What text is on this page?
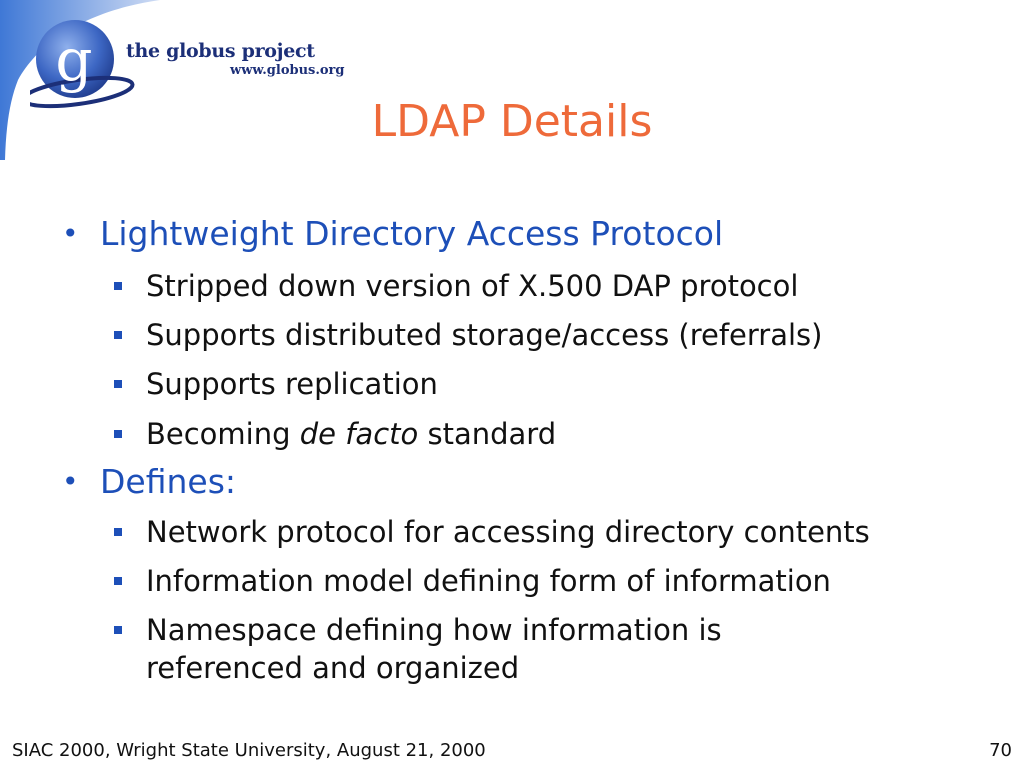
g the globus project
www.globus.org
LDAP Details
• Lightweight Directory Access Protocol
Stripped down version of X.500 DAP protocol
Supports distributed storage/access (referrals)
Supports replication
Becoming de facto standard
• Defines:
Network protocol for accessing directory contents
Information model defining form of information
Namespace defining how information is
referenced and organized
SIAC 2000, Wright State University, August 21, 2000	70
